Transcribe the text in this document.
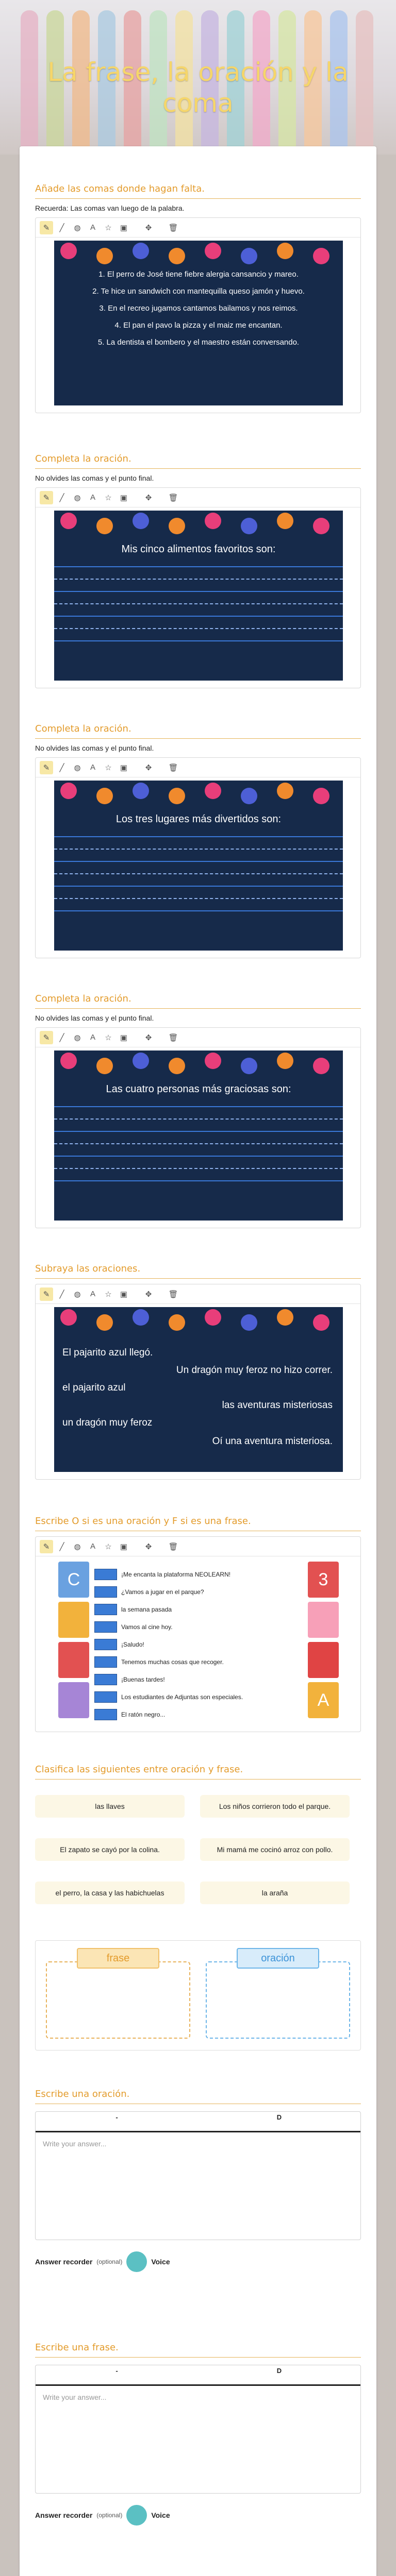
La frase, la oración y la coma
Añade las comas donde hagan falta.
Recuerda: Las comas van luego de la palabra.
✎	╱	◍	A	☆	▣	✥	🗑
1. El perro de José tiene fiebre alergia cansancio y mareo.
2. Te hice un sandwich con mantequilla queso jamón y huevo.
3. En el recreo jugamos cantamos bailamos y nos reimos.
4. El pan el pavo la pizza y el maiz me encantan.
5. La dentista el bombero y el maestro están conversando.
Completa la oración.
No olvides las comas y el punto final.
✎	╱	◍	A	☆	▣	✥	🗑
Mis cinco alimentos favoritos son:
Completa la oración.
No olvides las comas y el punto final.
✎	╱	◍	A	☆	▣	✥	🗑
Los tres lugares más divertidos son:
Completa la oración.
No olvides las comas y el punto final.
✎	╱	◍	A	☆	▣	✥	🗑
Las cuatro personas más graciosas son:
Subraya las oraciones.
✎	╱	◍	A	☆	▣	✥	🗑
El pajarito azul llegó.
Un dragón muy feroz no hizo correr.
el pajarito azul
las aventuras misteriosas
un dragón muy feroz
Oí una aventura misteriosa.
Escribe O si es una oración y F si es una frase.
✎	╱	◍	A	☆	▣	✥	🗑
C	¡Me encanta la plataforma NEOLEARN!
¿Vamos a jugar en el parque?
la semana pasada
Vamos al cine hoy.
¡Saludo!
Tenemos muchas cosas que recoger.
¡Buenas tardes!
Los estudiantes de Adjuntas son especiales.
El ratón negro...
3
A
Clasifica las siguientes entre oración y frase.
las llaves	Los niños corrieron todo el parque.
El zapato se cayó por la colina.	Mi mamá me cocinó arroz con pollo.
el perro, la casa y las habichuelas	la araña
frase	oración
Escribe una oración.
-	D
Write your answer...
Answer recorder (optional)	Voice
Escribe una frase.
-	D
Write your answer...
Answer recorder (optional)	Voice
